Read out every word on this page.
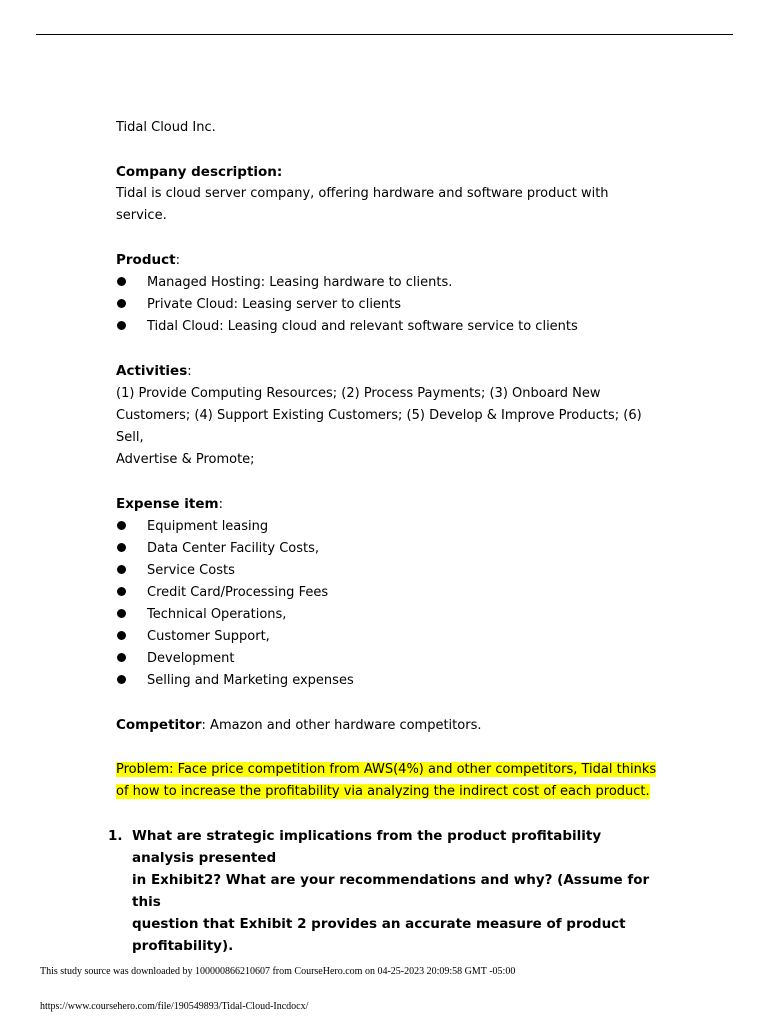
Tidal Cloud Inc.

Company description:

Tidal is cloud server company, offering hardware and software product with service.

Product:

Managed Hosting: Leasing hardware to clients.
Private Cloud: Leasing server to clients
Tidal Cloud: Leasing cloud and relevant software service to clients

Activities:

(1) Provide Computing Resources; (2) Process Payments; (3) Onboard New

Customers; (4) Support Existing Customers; (5) Develop & Improve Products; (6) Sell,

Advertise & Promote;

Expense item:

Equipment leasing
Data Center Facility Costs,
Service Costs
Credit Card/Processing Fees
Technical Operations,
Customer Support,
Development
Selling and Marketing expenses

Competitor: Amazon and other hardware competitors.

Problem: Face price competition from AWS(4%) and other competitors, Tidal thinks

of how to increase the profitability via analyzing the indirect cost of each product.

1. What are strategic implications from the product profitability analysis presented

in Exhibit2? What are your recommendations and why? (Assume for this

question that Exhibit 2 provides an accurate measure of product profitability).

This study source was downloaded by 100000866210607 from CourseHero.com on 04-25-2023 20:09:58 GMT -05:00
https://www.coursehero.com/file/190549893/Tidal-Cloud-Incdocx/
